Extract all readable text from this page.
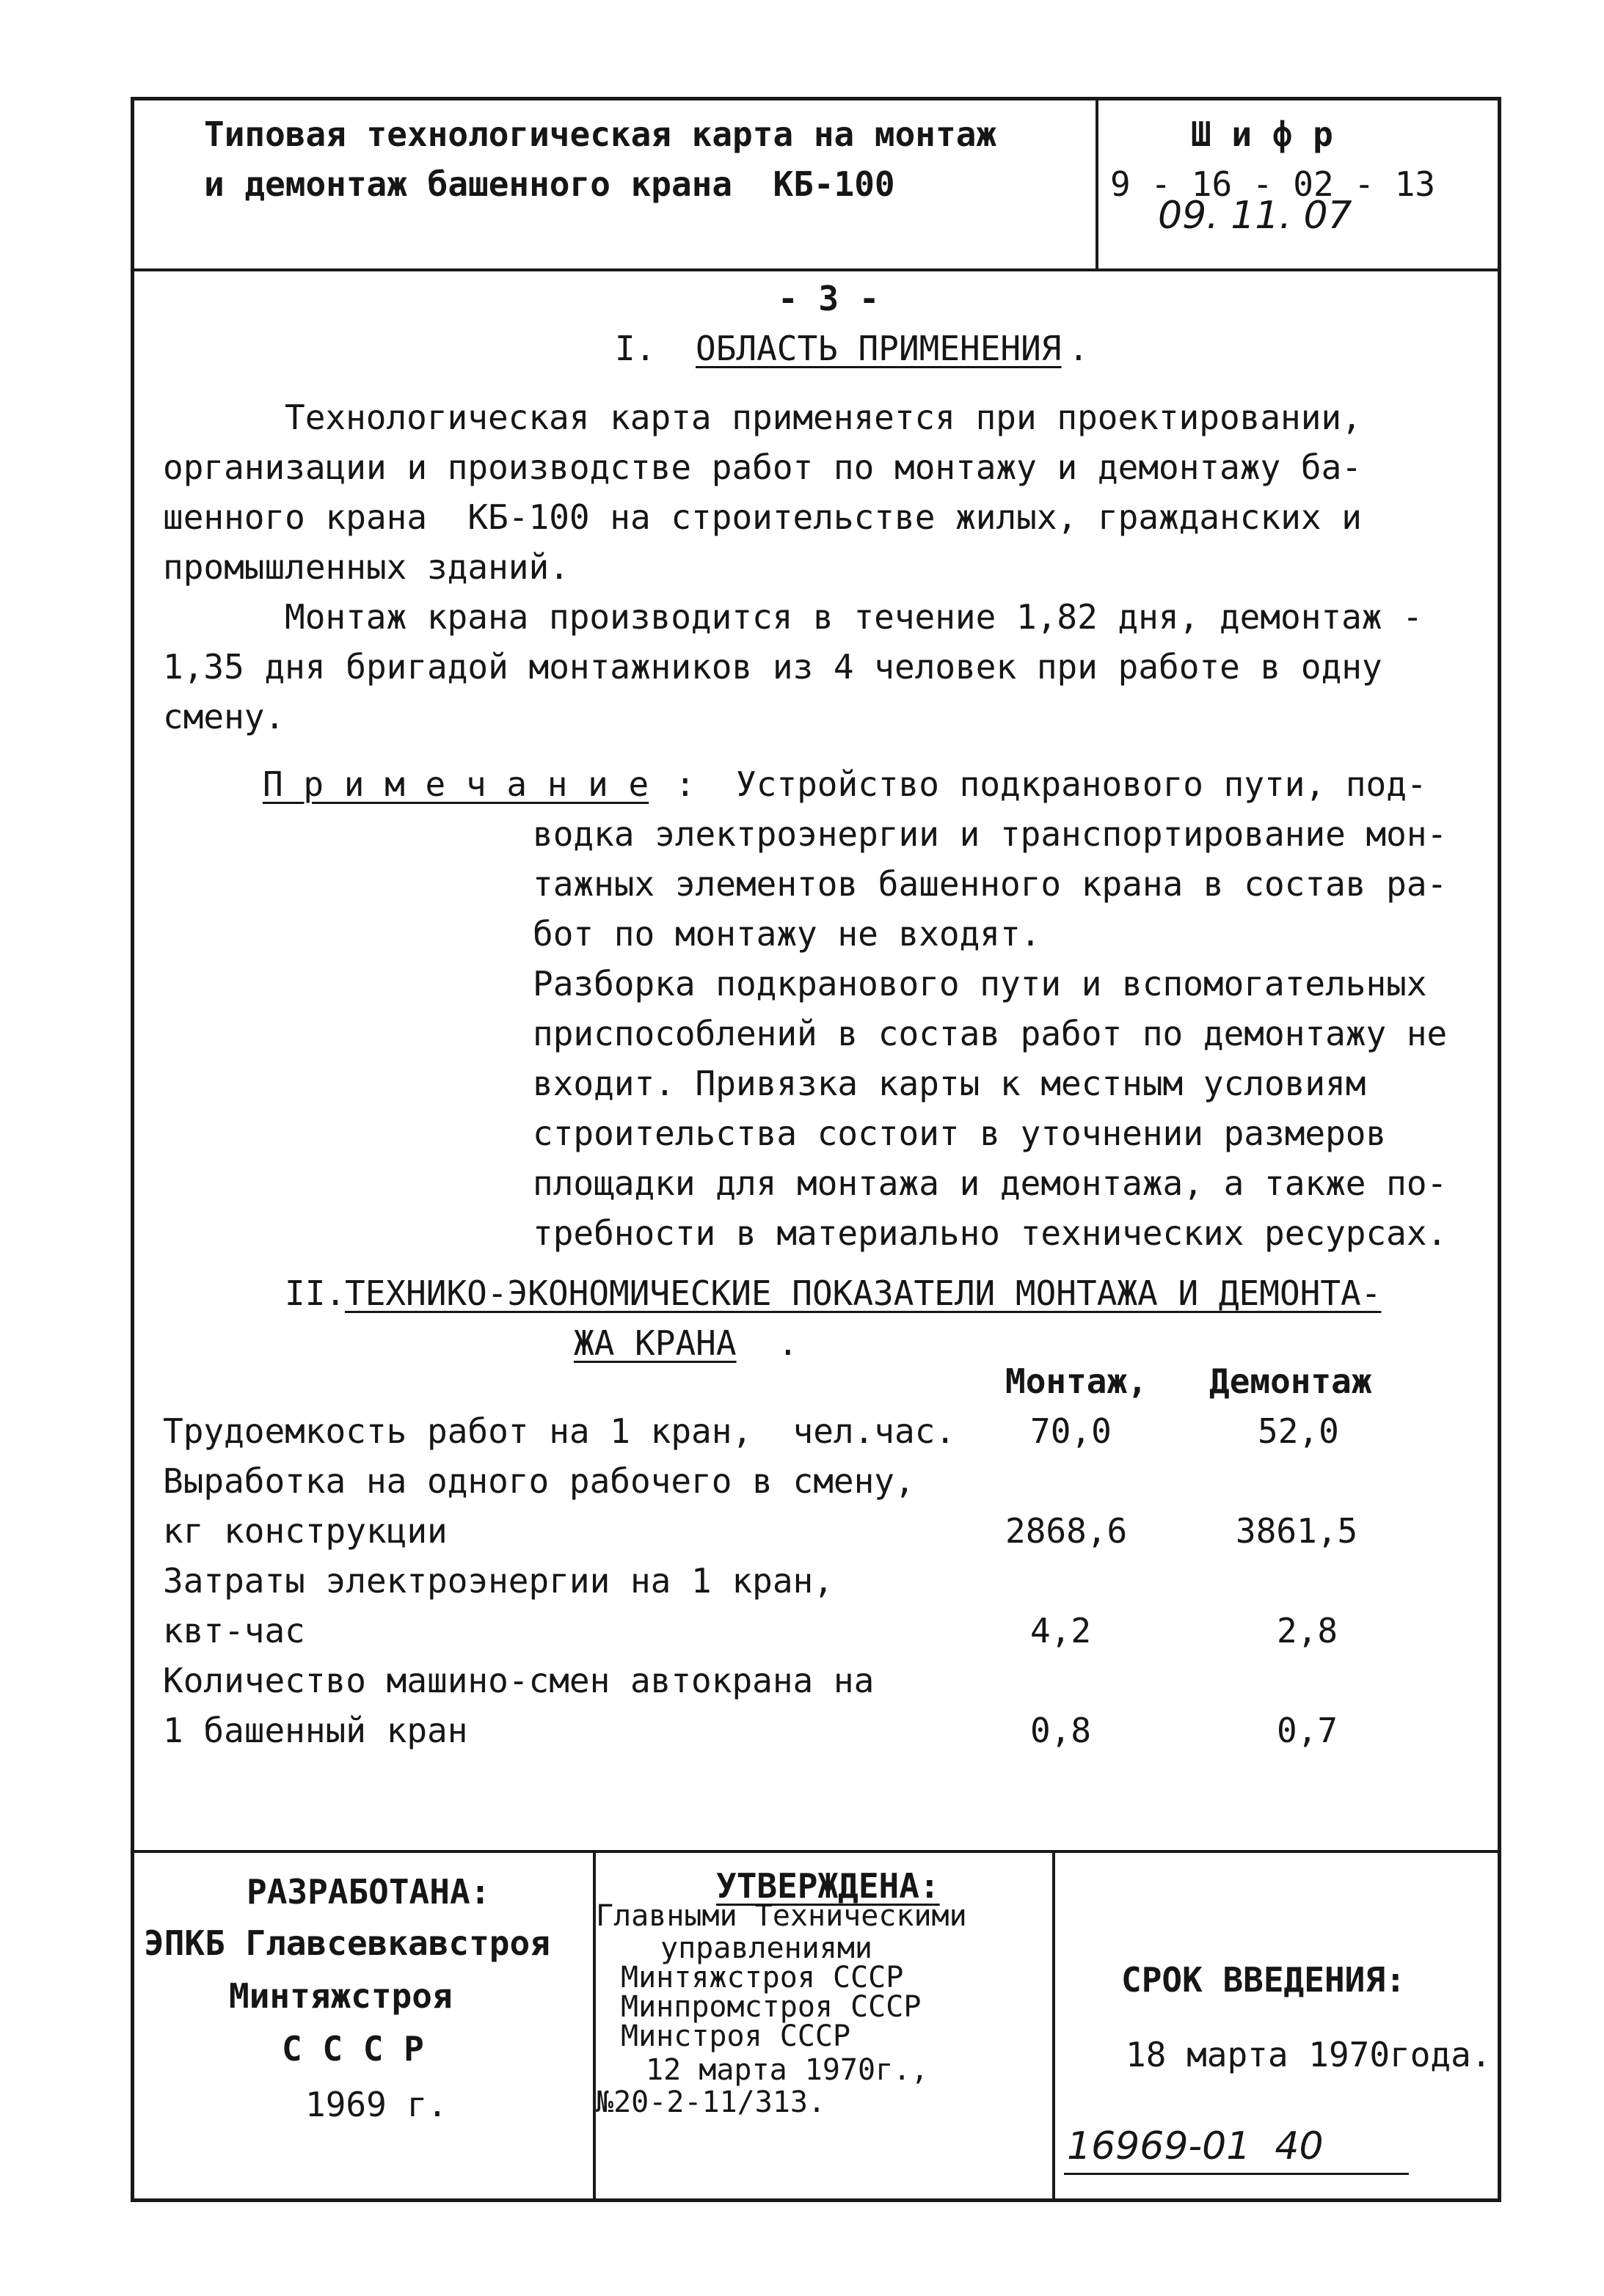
Типовая технологическая карта на монтаж
и демонтаж башенного крана  КБ-100
Ш и ф р
9 - 16 - 02 - 13
09. 11. 07
- 3 -
I. ОБЛАСТЬ ПРИМЕНЕНИЯ .
Технологическая карта применяется при проектировании,
организации и производстве работ по монтажу и демонтажу ба-
шенного крана  КБ-100 на строительстве жилых, гражданских и
промышленных зданий.
Монтаж крана производится в течение 1,82 дня, демонтаж -
1,35 дня бригадой монтажников из 4 человек при работе в одну
смену.
П р и м е ч а н и е : Устройство подкранового пути, под-
водка электроэнергии и транспортирование мон-
тажных элементов башенного крана в состав ра-
бот по монтажу не входят.
Разборка подкранового пути и вспомогательных
приспособлений в состав работ по демонтажу не
входит. Привязка карты к местным условиям
строительства состоит в уточнении размеров
площадки для монтажа и демонтажа, а также по-
требности в материально технических ресурсах.
II.
ТЕХНИКО-ЭКОНОМИЧЕСКИЕ ПОКАЗАТЕЛИ МОНТАЖА И ДЕМОНТА-
ЖА КРАНА .
Монтаж, Демонтаж
Трудоемкость работ на 1 кран,  чел.час. 70,0	52,0
Выработка на одного рабочего в смену,
кг конструкции	2868,6	3861,5
Затраты электроэнергии на 1 кран,
квт-час	4,2	2,8
Количество машино-смен автокрана на
1 башенный кран	0,8	0,7
РАЗРАБОТАНА:
ЭПКБ Главсевкавстроя
Минтяжстроя
С С С Р
1969 г.
УТВЕРЖДЕНА:
Главными Техническими
управлениями
Минтяжстроя СССР
Минпромстроя СССР
Минстроя СССР
12 марта 1970г.,
№20-2-11/313.
СРОК ВВЕДЕНИЯ:
18 марта 1970года.
16969-01  40
